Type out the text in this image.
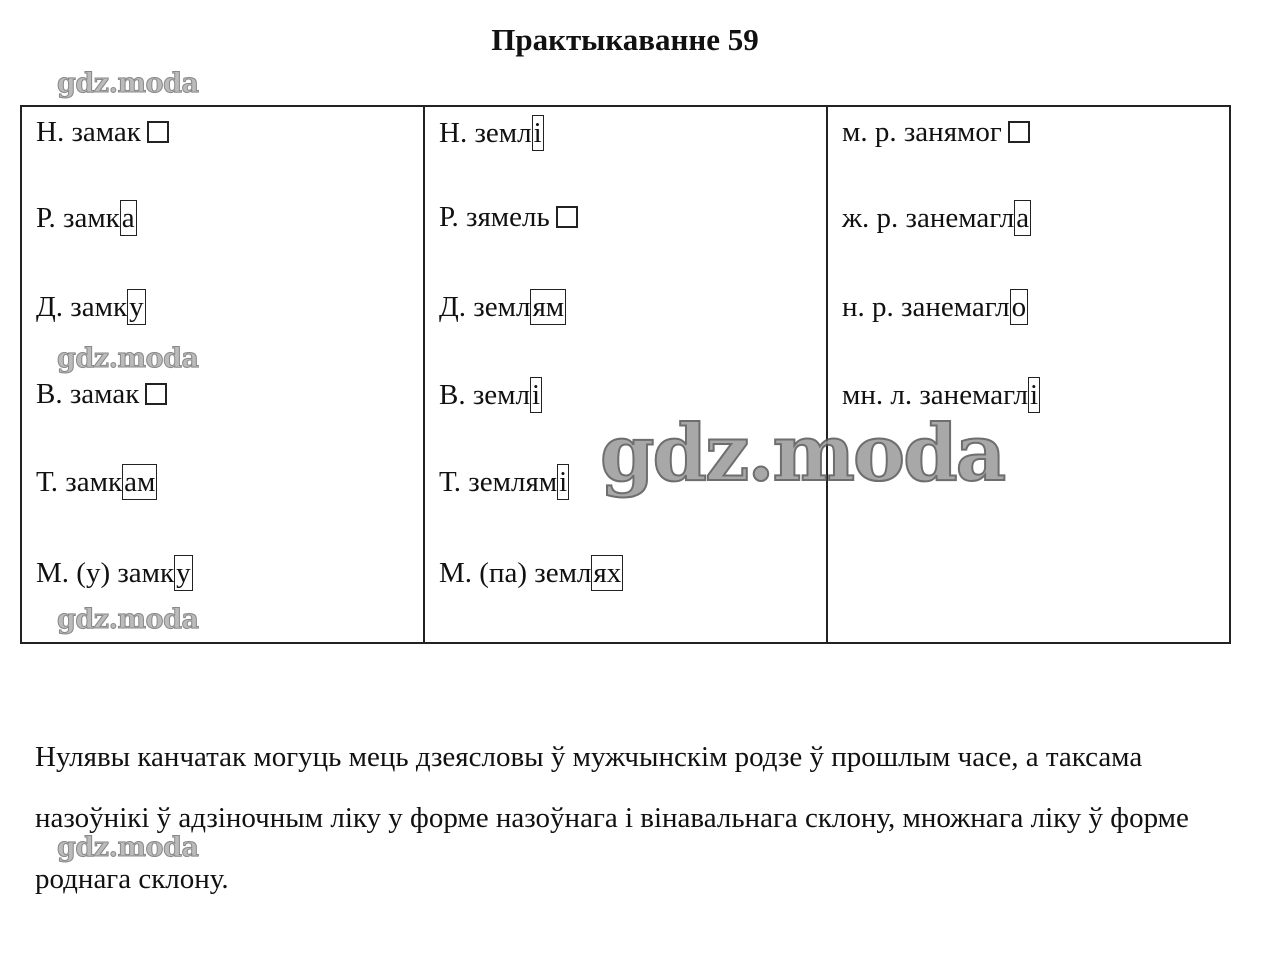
Практыкаванне 59
Н. замак
Р. замка
Д. замку
В. замак
Т. замкам
М. (у) замку

Н. землі
Р. зямель
Д. землям
В. землі
Т. землямі
М. (па) землях

м. р. занямог
ж. р. занемагла
н. р. занемагло
мн. л. занемаглі
gdz.moda
gdz.moda
gdz.moda
gdz.moda
gdz.moda
Нулявы канчатак могуць мець дзеясловы ў мужчынскім родзе ў прошлым часе, а таксама назоўнікі ў адзіночным ліку у форме назоўнага і вінавальнага склону, множнага ліку ў форме роднага склону.
